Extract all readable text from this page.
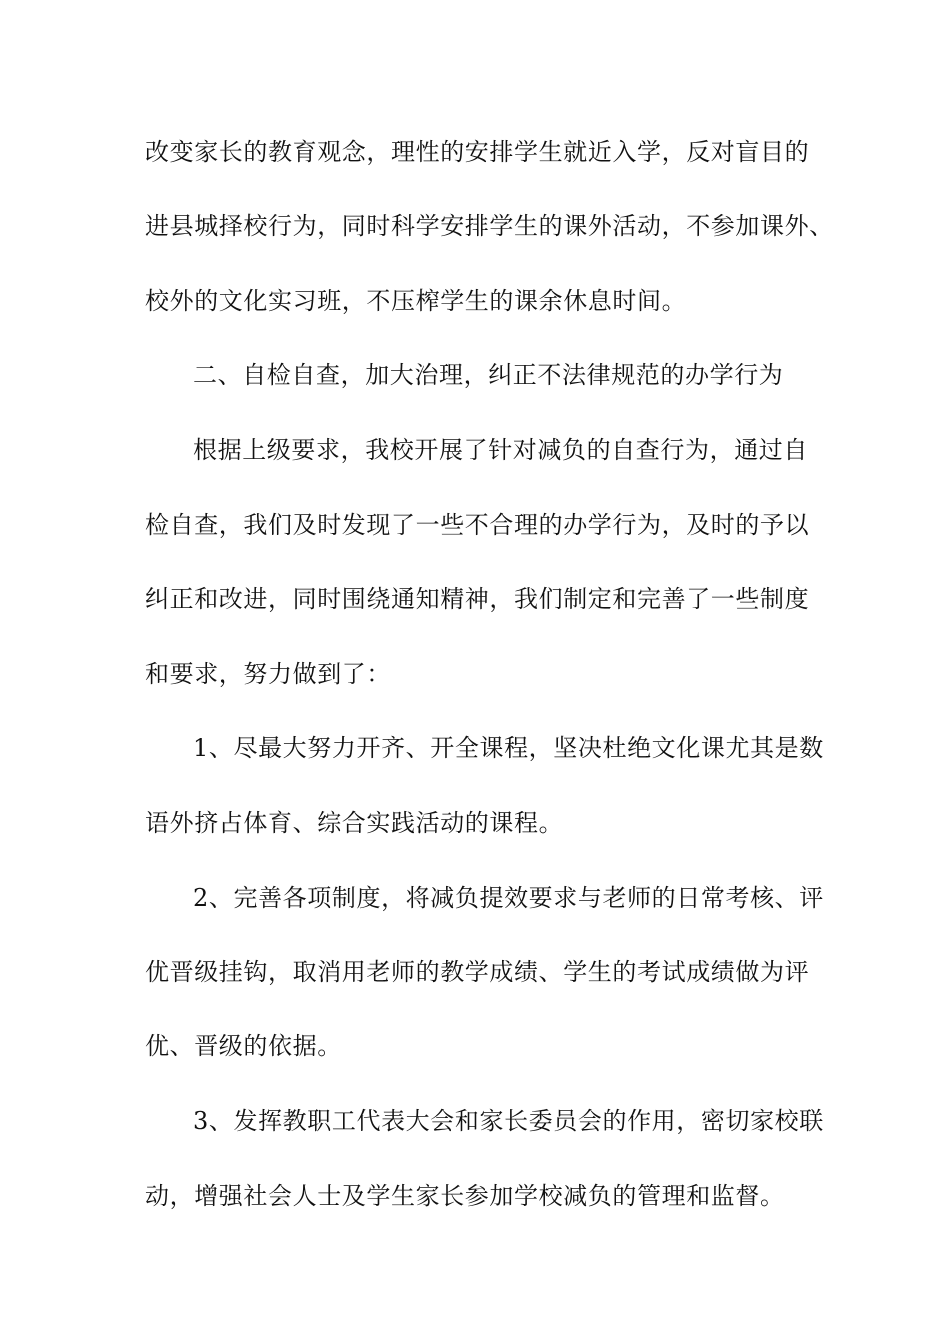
改变家长的教育观念，理性的安排学生就近入学，反对盲目的
进县城择校行为，同时科学安排学生的课外活动，不参加课外、
校外的文化实习班，不压榨学生的课余休息时间。
二、自检自查，加大治理，纠正不法律规范的办学行为
根据上级要求，我校开展了针对减负的自查行为，通过自
检自查，我们及时发现了一些不合理的办学行为，及时的予以
纠正和改进，同时围绕通知精神，我们制定和完善了一些制度
和要求，努力做到了：
1、尽最大努力开齐、开全课程，坚决杜绝文化课尤其是数
语外挤占体育、综合实践活动的课程。
2、完善各项制度，将减负提效要求与老师的日常考核、评
优晋级挂钩，取消用老师的教学成绩、学生的考试成绩做为评
优、晋级的依据。
3、发挥教职工代表大会和家长委员会的作用，密切家校联
动，增强社会人士及学生家长参加学校减负的管理和监督。
